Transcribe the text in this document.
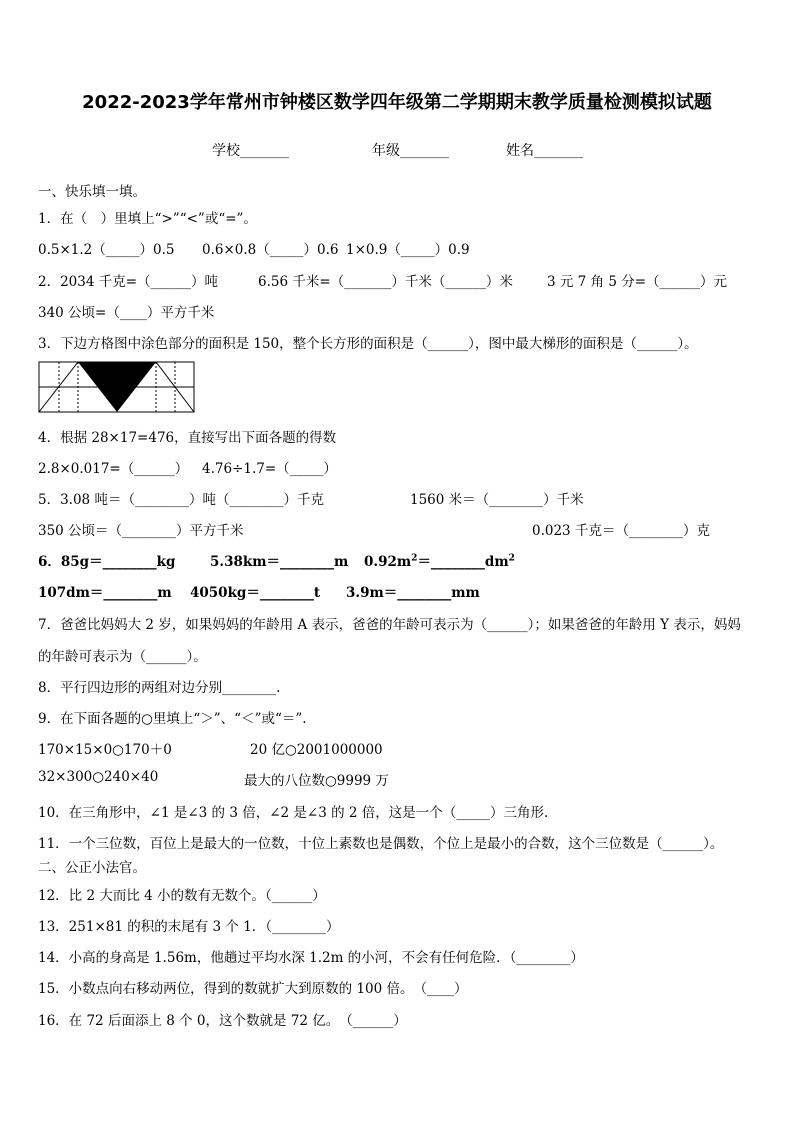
2022-2023学年常州市钟楼区数学四年级第二学期期末教学质量检测模拟试题
学校_______	年级_______	姓名_______
一、快乐填一填。
1．在（　）里填上“>”“<”或“=”。
0.5×1.2（_____）0.5 0.6×0.8（_____）0.6 1×0.9（_____）0.9
2．2034 千克=（______）吨	6.56 千米=（_______）千米（______）米	3 元 7 角 5 分=（______）元
340 公顷=（____）平方千米
3．下边方格图中涂色部分的面积是 150，整个长方形的面积是（______），图中最大梯形的面积是（______）。
4．根据 28×17=476，直接写出下面各题的得数
2.8×0.017=（______） 4.76÷1.7=（_____）
5．3.08 吨＝（________）吨（________）千克	1560 米＝（________）千米
350 公顷＝（________）平方千米	0.023 千克＝（________）克
6．85g＝________kg	5.38km＝________m $0.92m^2=\_\_\_\_\_\_\_\_dm^2$
107dm＝________m 4050kg＝________t 3.9m＝________mm
7．爸爸比妈妈大 2 岁，如果妈妈的年龄用 A 表示，爸爸的年龄可表示为（______）；如果爸爸的年龄用 Y 表示，妈妈
的年龄可表示为（______）。
8．平行四边形的两组对边分别________.
9．在下面各题的○里填上“＞”、“＜”或“＝”.
170×15×0○170＋0	20 亿○2001000000
32×300○240×40	最大的八位数○9999 万
10．在三角形中，∠1 是∠3 的 3 倍，∠2 是∠3 的 2 倍，这是一个（_____）三角形.
11．一个三位数，百位上是最大的一位数，十位上素数也是偶数，个位上是最小的合数，这个三位数是（______）。
二、公正小法官。
12．比 2 大而比 4 小的数有无数个。（______）
13．251×81 的积的末尾有 3 个 1．（________）
14．小高的身高是 1.56m，他趟过平均水深 1.2m 的小河，不会有任何危险．（________）
15．小数点向右移动两位，得到的数就扩大到原数的 100 倍。　（____）
16．在 72 后面添上 8 个 0，这个数就是 72 亿。　（______）
